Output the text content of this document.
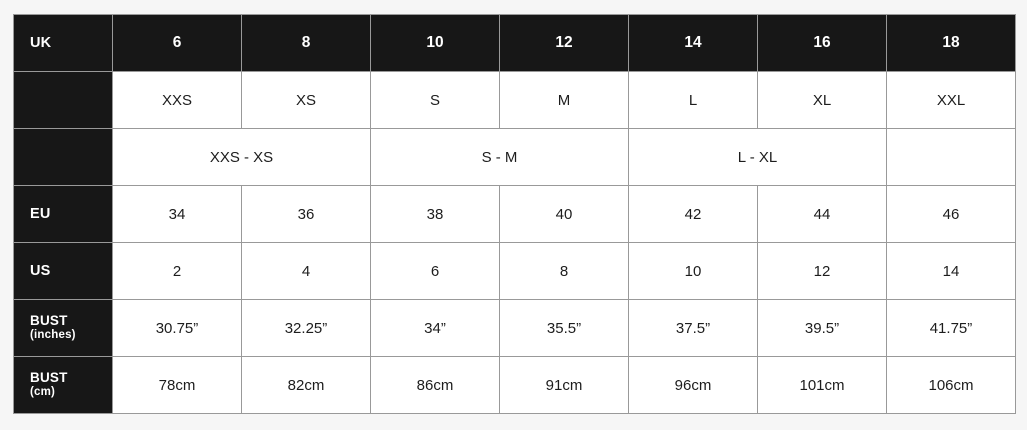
UK	6	8	10	12	14	16	18
	XXS	XS	S	M	L	XL	XXL
	XXS - XS		S - M		L - XL		
EU	34	36	38	40	42	44	46
US	2	4	6	8	10	12	14

BUST
(inches)	30.75”	32.25”	34”	35.5”	37.5”	39.5”	41.75”

BUST
(cm)	78cm	82cm	86cm	91cm	96cm	101cm	106cm
